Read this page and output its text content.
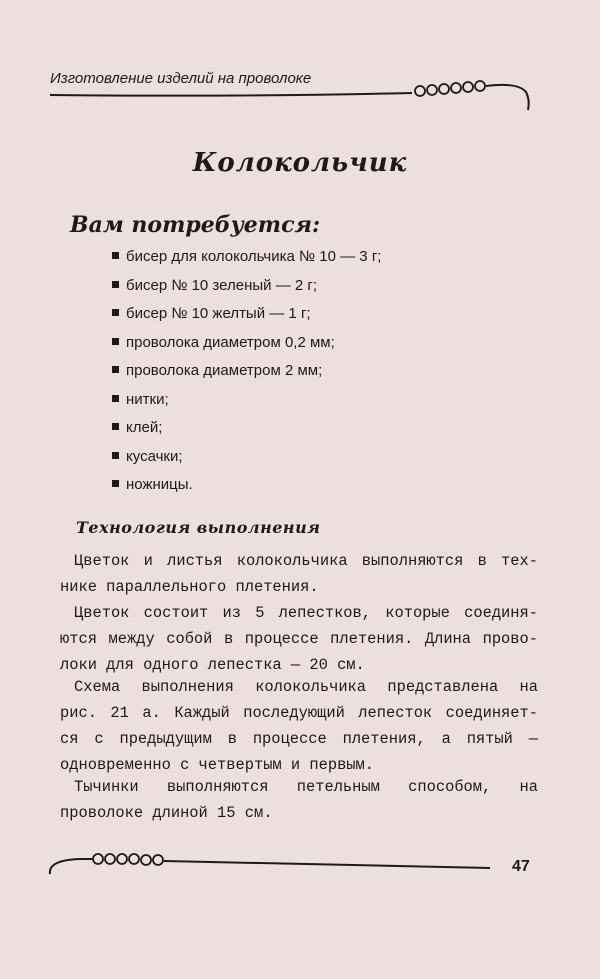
Изготовление изделий на проволоке
Колокольчик
Вам потребуется:
бисер для колокольчика № 10 — 3 г;
бисер № 10 зеленый — 2 г;
бисер № 10 желтый — 1 г;
проволока диаметром 0,2 мм;
проволока диаметром 2 мм;
нитки;
клей;
кусачки;
ножницы.
Технология выполнения

Цветок и листья колокольчика выполняются в тех-
нике параллельного плетения.

Цветок состоит из 5 лепестков, которые соединя-
ются между собой в процессе плетения. Длина прово-
локи для одного лепестка — 20 см.

Схема выполнения колокольчика представлена на
рис. 21 а. Каждый последующий лепесток соединяет-
ся с предыдущим в процессе плетения, а пятый —
одновременно с четвертым и первым.

Тычинки выполняются петельным способом, на
проволоке длиной 15 см.

47
